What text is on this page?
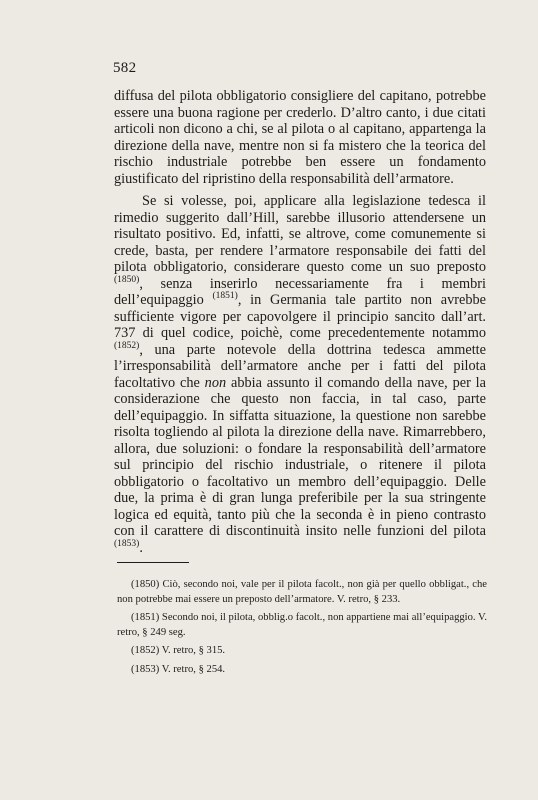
582

diffusa del pilota obbligatorio consigliere del capitano, potrebbe essere una buona ragione per crederlo. D’altro canto, i due citati articoli non dicono a chi, se al pilota o al capitano, appartenga la direzione della nave, mentre non si fa mistero che la teorica del rischio industriale potrebbe ben essere un fondamento giustificato del ripristino della responsabilità dell’armatore.

Se si volesse, poi, applicare alla legislazione tedesca il rimedio suggerito dall’Hill, sarebbe illusorio attendersene un risultato positivo. Ed, infatti, se altrove, come comunemente si crede, basta, per rendere l’armatore responsabile dei fatti del pilota obbligatorio, considerare questo come un suo preposto $^{(1850)}$, senza inserirlo necessariamente fra i membri dell’equipaggio $^{(1851)}$, in Germania tale partito non avrebbe sufficiente vigore per capovolgere il principio sancito dall’art. 737 di quel codice, poichè, come precedentemente notammo $^{(1852)}$, una parte notevole della dottrina tedesca ammette l’irresponsabilità dell’armatore anche per i fatti del pilota facoltativo che non abbia assunto il comando della nave, per la considerazione che questo non faccia, in tal caso, parte dell’equipaggio. In siffatta situazione, la questione non sarebbe risolta togliendo al pilota la direzione della nave. Rimarrebbero, allora, due soluzioni: o fondare la responsabilità dell’armatore sul principio del rischio industriale, o ritenere il pilota obbligatorio o facoltativo un membro dell’equipaggio. Delle due, la prima è di gran lunga preferibile per la sua stringente logica ed equità, tanto più che la seconda è in pieno contrasto con il carattere di discontinuità insito nelle funzioni del pilota $^{(1853)}$.

(1850) Ciò, secondo noi, vale per il pilota facolt., non già per quello obbligat., che non potrebbe mai essere un preposto dell’armatore. V. retro, § 233.

(1851) Secondo noi, il pilota, obblig.o facolt., non appartiene mai all’equipaggio. V. retro, § 249 seg.

(1852) V. retro, § 315.

(1853) V. retro, § 254.
